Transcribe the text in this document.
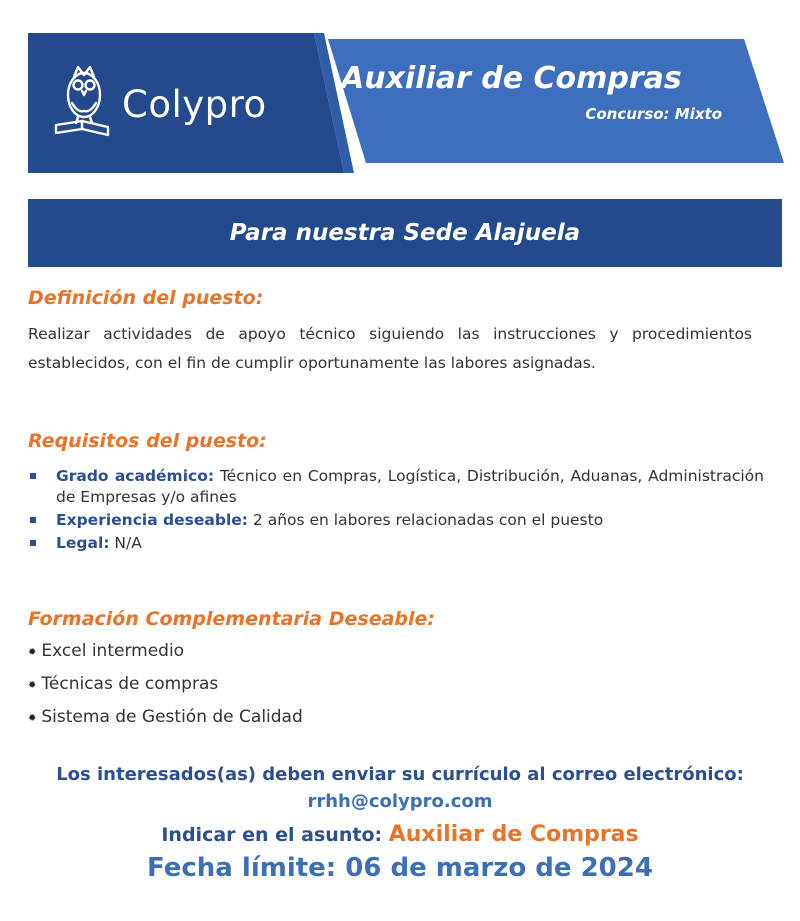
Colypro
Auxiliar de Compras
Concurso: Mixto
Para nuestra Sede Alajuela
Definición del puesto:
Realizar actividades de apoyo técnico siguiendo las instrucciones y procedimientos establecidos, con el fin de cumplir oportunamente las labores asignadas.
Requisitos del puesto:
Grado académico: Técnico en Compras, Logística, Distribución, Aduanas, Administración de Empresas y/o afines
Experiencia deseable: 2 años en labores relacionadas con el puesto
Legal: N/A
Formación Complementaria Deseable:
✹ Excel intermedio
✹ Técnicas de compras
✹ Sistema de Gestión de Calidad
Los interesados(as) deben enviar su currículo al correo electrónico:
rrhh@colypro.com
Indicar en el asunto: Auxiliar de Compras
Fecha límite: 06 de marzo de 2024
